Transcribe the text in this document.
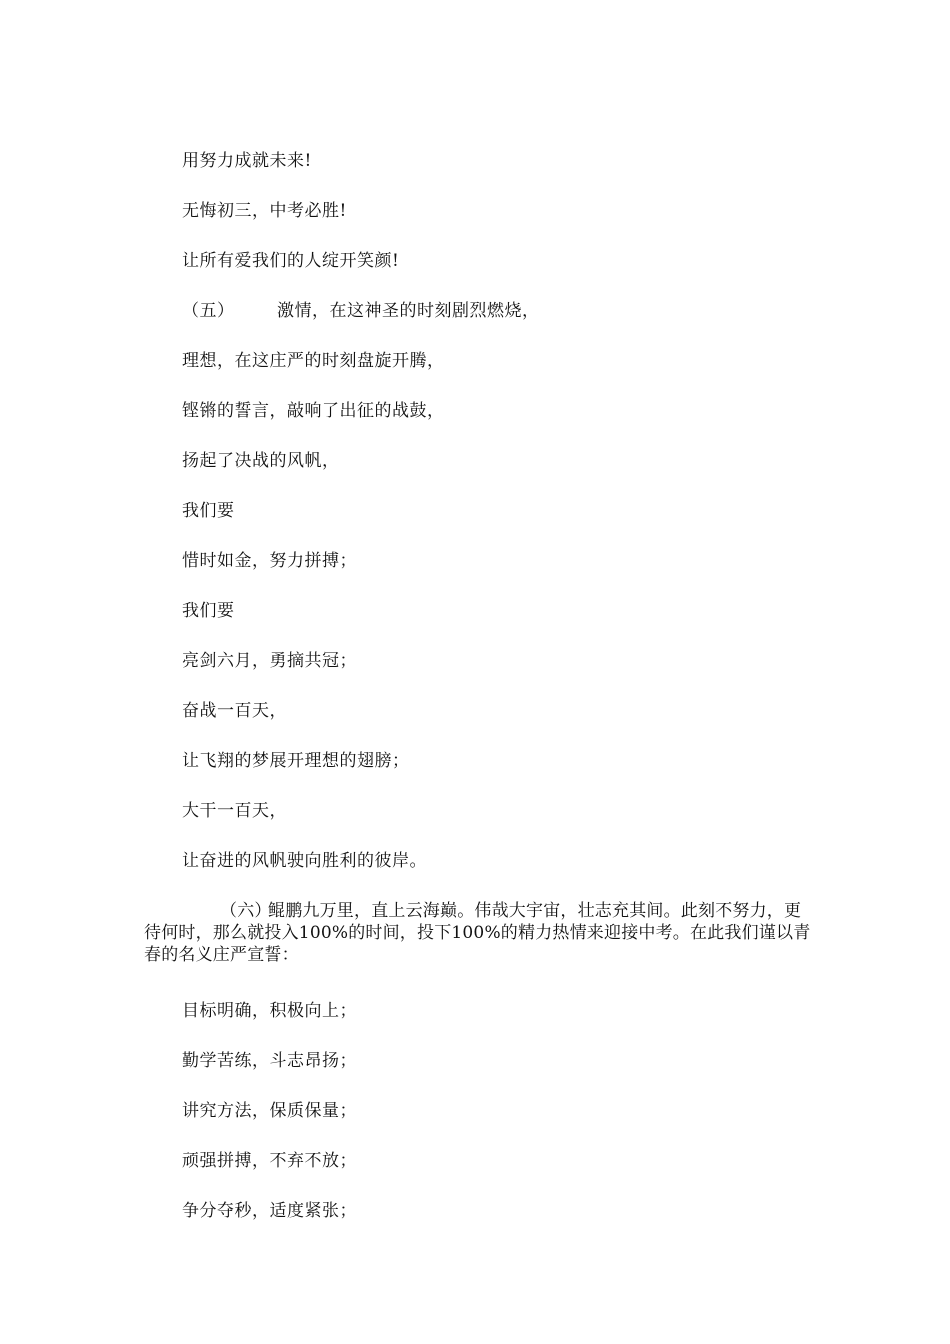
用努力成就未来!
无悔初三，中考必胜!
让所有爱我们的人绽开笑颜!
（五）	激情，在这神圣的时刻剧烈燃烧，
理想，在这庄严的时刻盘旋开腾，
铿锵的誓言，敲响了出征的战鼓，
扬起了决战的风帆，
我们要
惜时如金，努力拼搏；
我们要
亮剑六月，勇摘共冠；
奋战一百天，
让飞翔的梦展开理想的翅膀；
大干一百天，
让奋进的风帆驶向胜利的彼岸。
（六）鲲鹏九万里，直上云海巅。伟哉大宇宙，壮志充其间。此刻不努力，更待何时，那么就投入100%的时间，投下100%的精力热情来迎接中考。在此我们谨以青春的名义庄严宣誓：
目标明确，积极向上；
勤学苦练，斗志昂扬；
讲究方法，保质保量；
顽强拼搏，不弃不放；
争分夺秒，适度紧张；
